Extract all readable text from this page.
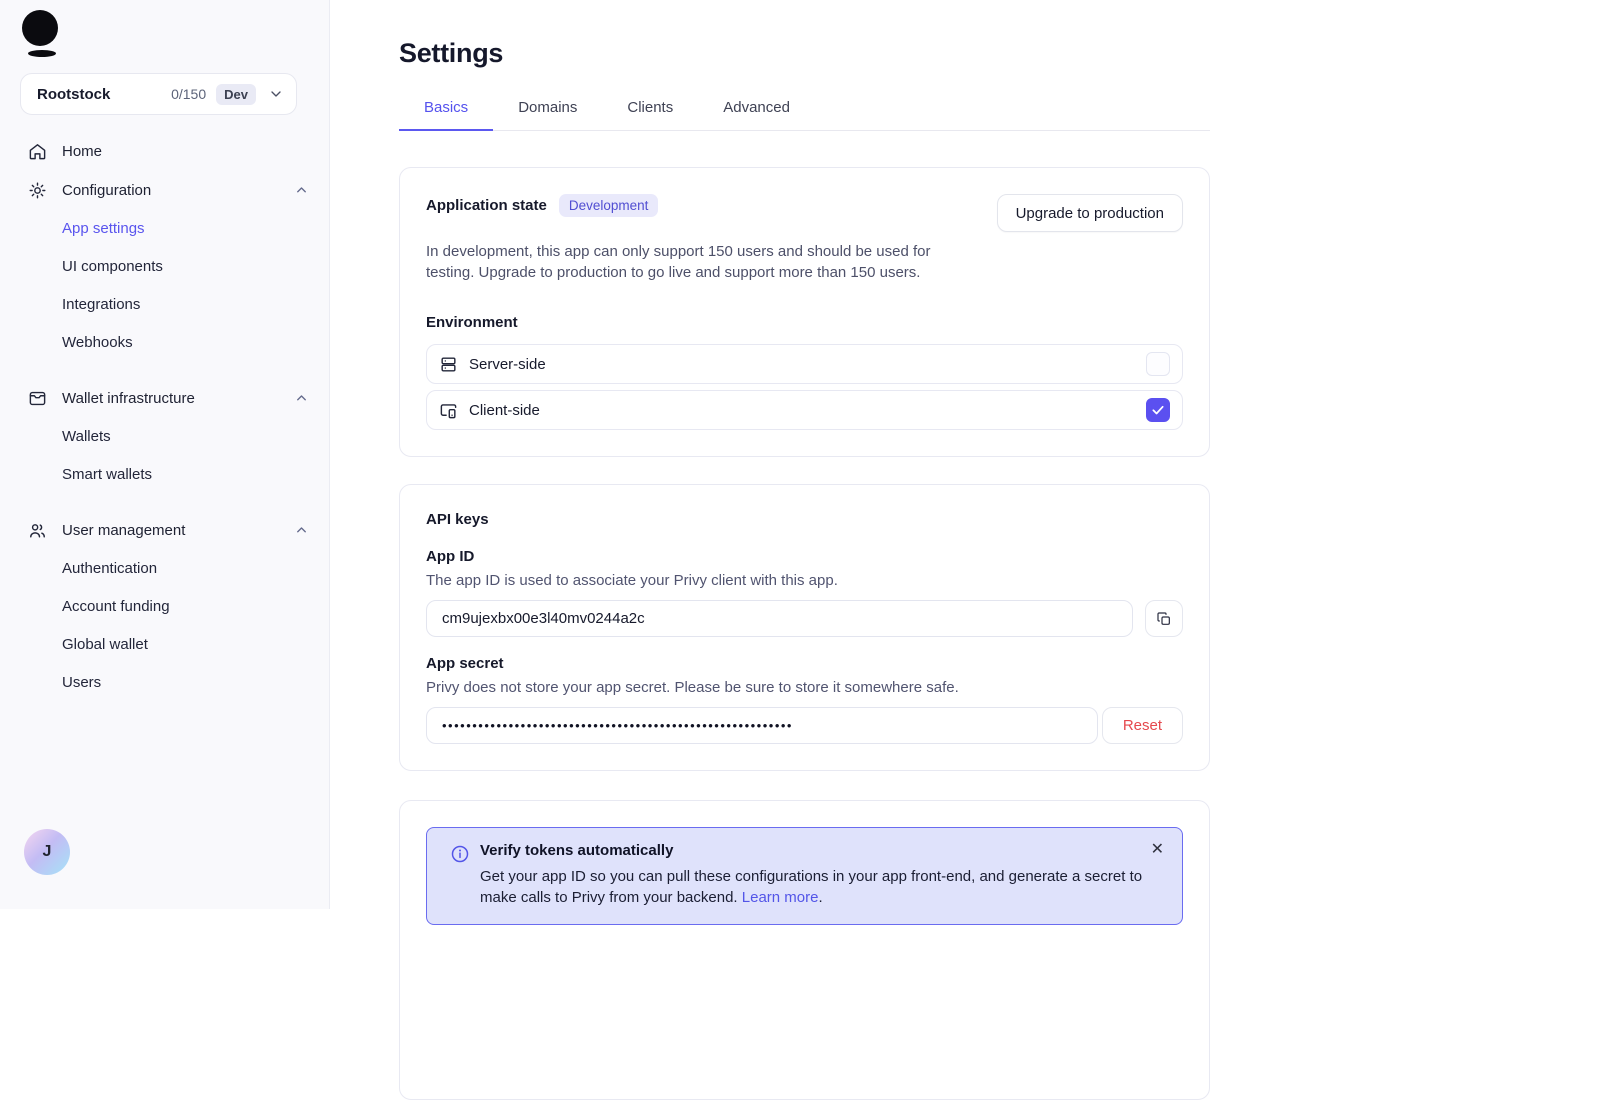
Rootstock	0/150	Dev
Home
Configuration
App settings
UI components
Integrations
Webhooks
Wallet infrastructure
Wallets
Smart wallets
User management
Authentication
Account funding
Global wallet
Users
J
Settings
Basics	Domains	Clients	Advanced
Application state	Development	Upgrade to production
In development, this app can only support 150 users and should be used for testing. Upgrade to production to go live and support more than 150 users.
Environment
Server-side
Client-side
API keys
App ID
The app ID is used to associate your Privy client with this app.
cm9ujexbx00e3l40mv0244a2c
App secret
Privy does not store your app secret. Please be sure to store it somewhere safe.
••••••••••••••••••••••••••••••••••••••••••••••••••••••••••
Reset
Verify tokens automatically
Get your app ID so you can pull these configurations in your app front-end, and generate a secret to make calls to Privy from your backend. Learn more.
✕
